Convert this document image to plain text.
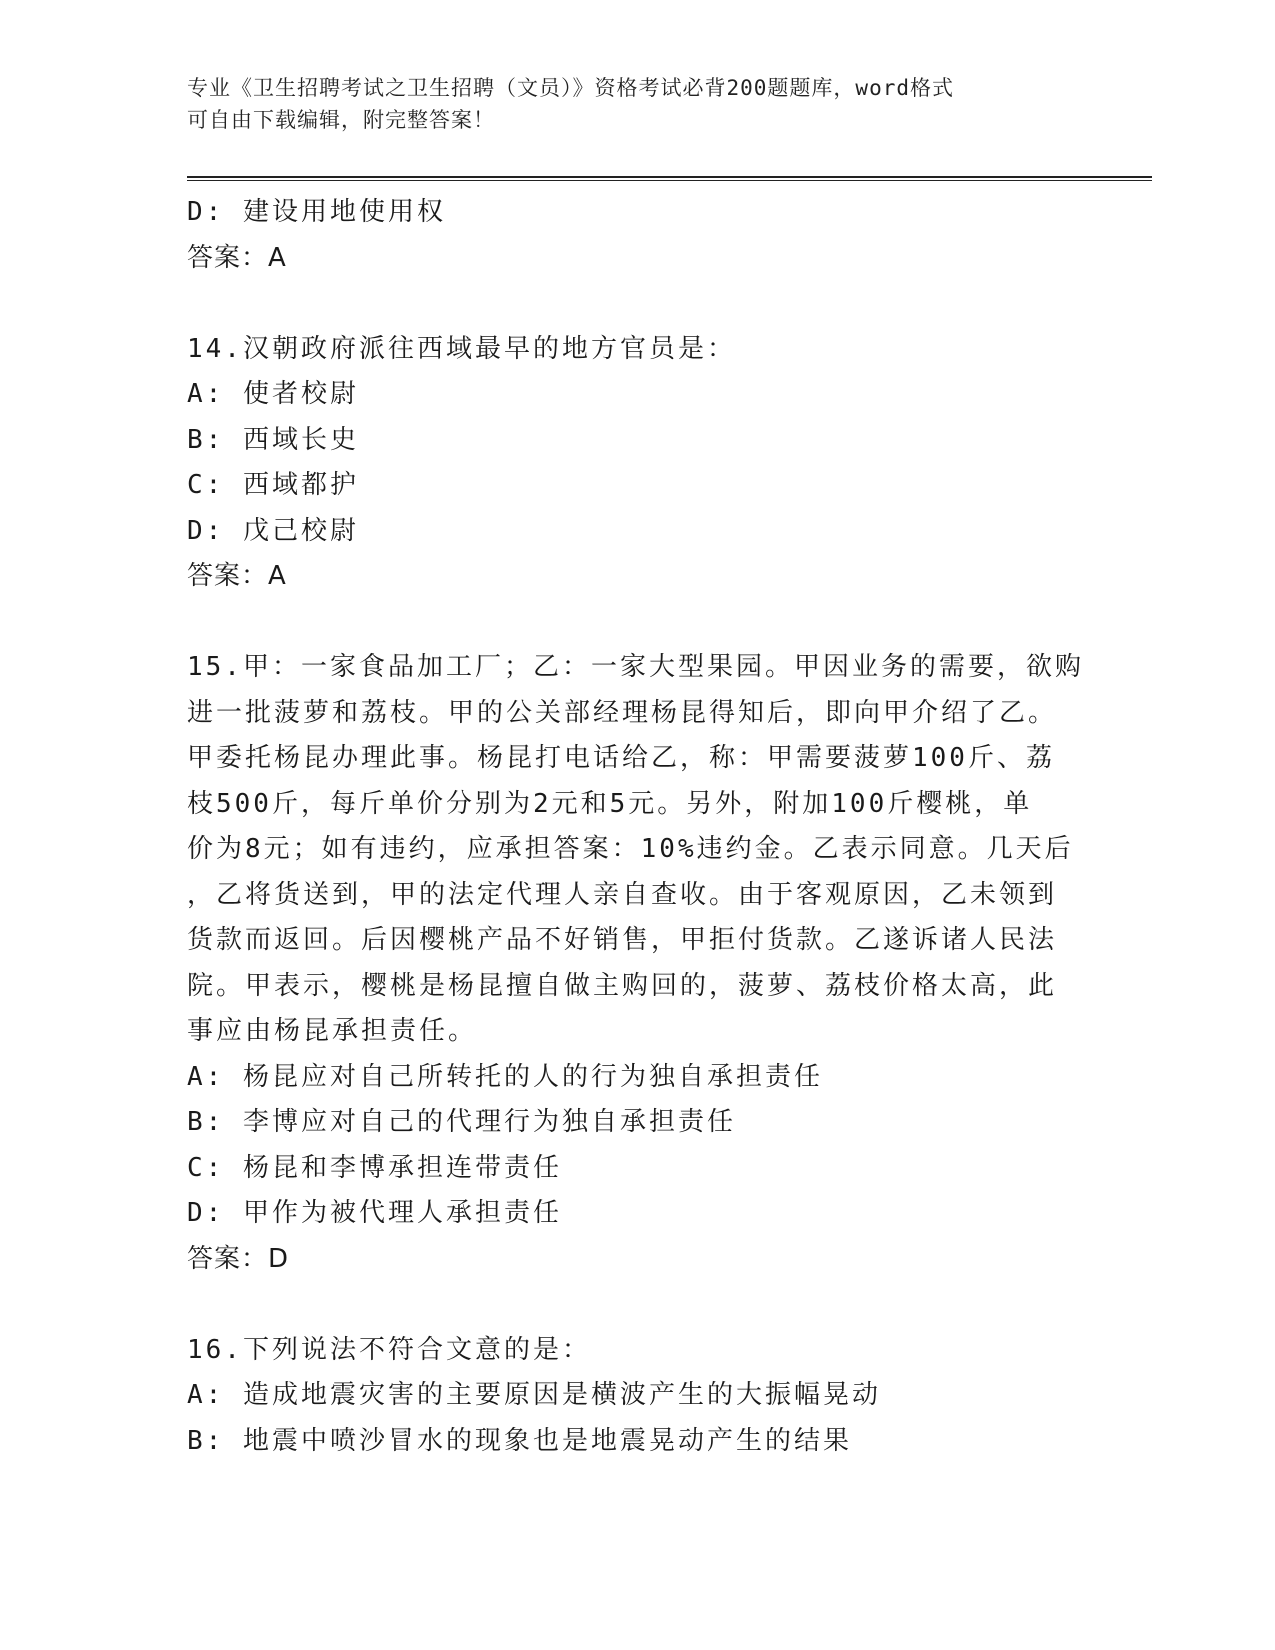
专业《卫生招聘考试之卫生招聘（文员）》资格考试必背200题题库，word格式
可自由下载编辑，附完整答案！
D: 建设用地使用权
答案：A
14.汉朝政府派往西域最早的地方官员是：
A: 使者校尉
B: 西域长史
C: 西域都护
D: 戊己校尉
答案：A
15.甲：一家食品加工厂；乙：一家大型果园。甲因业务的需要，欲购
进一批菠萝和荔枝。甲的公关部经理杨昆得知后，即向甲介绍了乙。
甲委托杨昆办理此事。杨昆打电话给乙，称：甲需要菠萝100斤、荔
枝500斤，每斤单价分别为2元和5元。另外，附加100斤樱桃，单
价为8元；如有违约，应承担答案：10%违约金。乙表示同意。几天后
，乙将货送到，甲的法定代理人亲自查收。由于客观原因，乙未领到
货款而返回。后因樱桃产品不好销售，甲拒付货款。乙遂诉诸人民法
院。甲表示，樱桃是杨昆擅自做主购回的，菠萝、荔枝价格太高，此
事应由杨昆承担责任。
A: 杨昆应对自己所转托的人的行为独自承担责任
B: 李博应对自己的代理行为独自承担责任
C: 杨昆和李博承担连带责任
D: 甲作为被代理人承担责任
答案：D
16.下列说法不符合文意的是：
A: 造成地震灾害的主要原因是横波产生的大振幅晃动
B: 地震中喷沙冒水的现象也是地震晃动产生的结果
